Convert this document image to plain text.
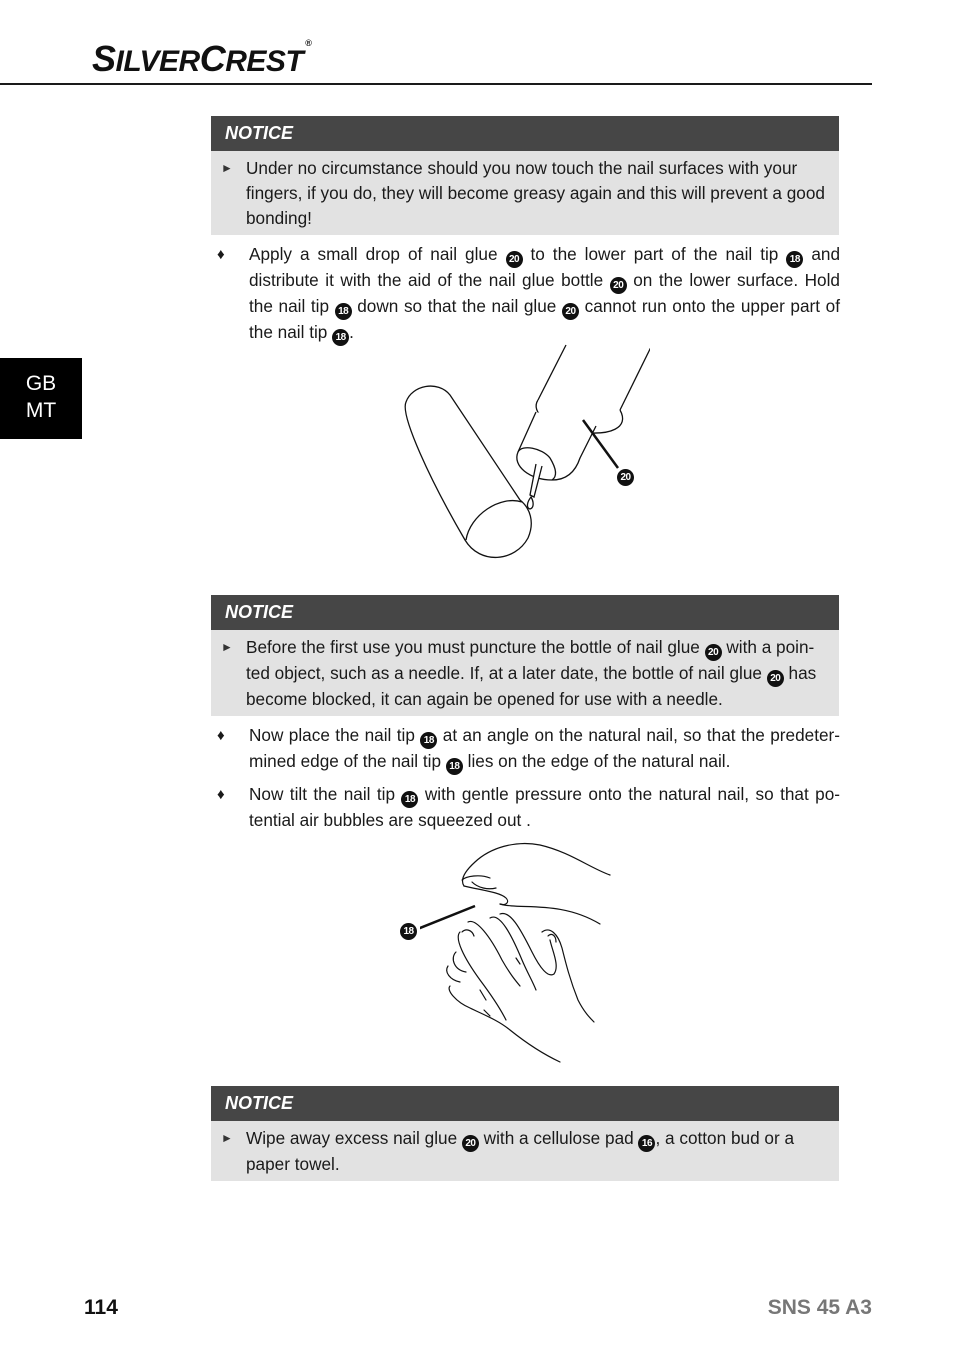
SILVERCREST®
GB
MT
NOTICE
► Under no circumstance should you now touch the nail surfaces with your fingers, if you do, they will become greasy again and this will prevent a good bonding!
♦ Apply a small drop of nail glue 20 to the lower part of the nail tip 18 and distribute it with the aid of the nail glue bottle 20 on the lower surface. Hold the nail tip 18 down so that the nail glue 20 cannot run onto the upper part of the nail tip 18 .
20
NOTICE
► Before the first use you must puncture the bottle of nail glue 20 with a poin-ted object, such as a needle. If, at a later date, the bottle of nail glue 20 has become blocked, it can again be opened for use with a needle.
♦ Now place the nail tip 18 at an angle on the natural nail, so that the predeter-mined edge of the nail tip 18 lies on the edge of the natural nail.
♦ Now tilt the nail tip 18 with gentle pressure onto the natural nail, so that po-tential air bubbles are squeezed out .
18
NOTICE
► Wipe away excess nail glue 20 with a cellulose pad 16 , a cotton bud or a paper towel.
114	SNS 45 A3
